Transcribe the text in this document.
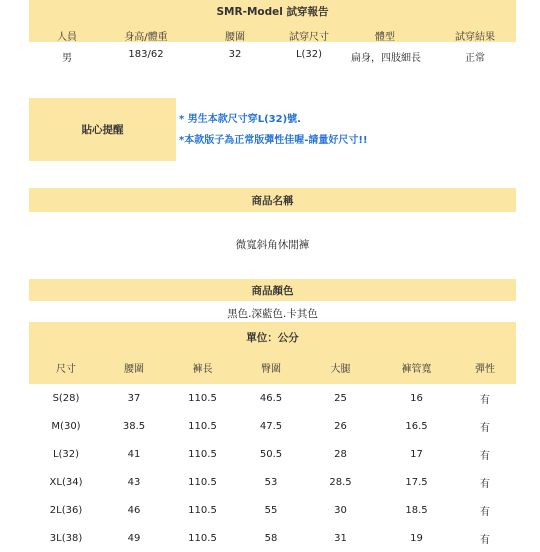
SMR-Model 試穿報告
人員	身高/體重	腰圍	試穿尺寸	體型	試穿結果
男	183/62	32	L(32)	扁身，四肢細長	正常
貼心提醒
* 男生本款尺寸穿L(32)號.
*本款版子為正常版彈性佳喔-請量好尺寸!!
商品名稱
微寬斜角休閒褲
商品顏色
黑色.深藍色.卡其色
單位：公分
尺寸	腰圍	褲長	臀圍	大腿	褲管寬	彈性
S(28)	37	110.5	46.5	25	16	有
M(30)	38.5	110.5	47.5	26	16.5	有
L(32)	41	110.5	50.5	28	17	有
XL(34)	43	110.5	53	28.5	17.5	有
2L(36)	46	110.5	55	30	18.5	有
3L(38)	49	110.5	58	31	19	有
